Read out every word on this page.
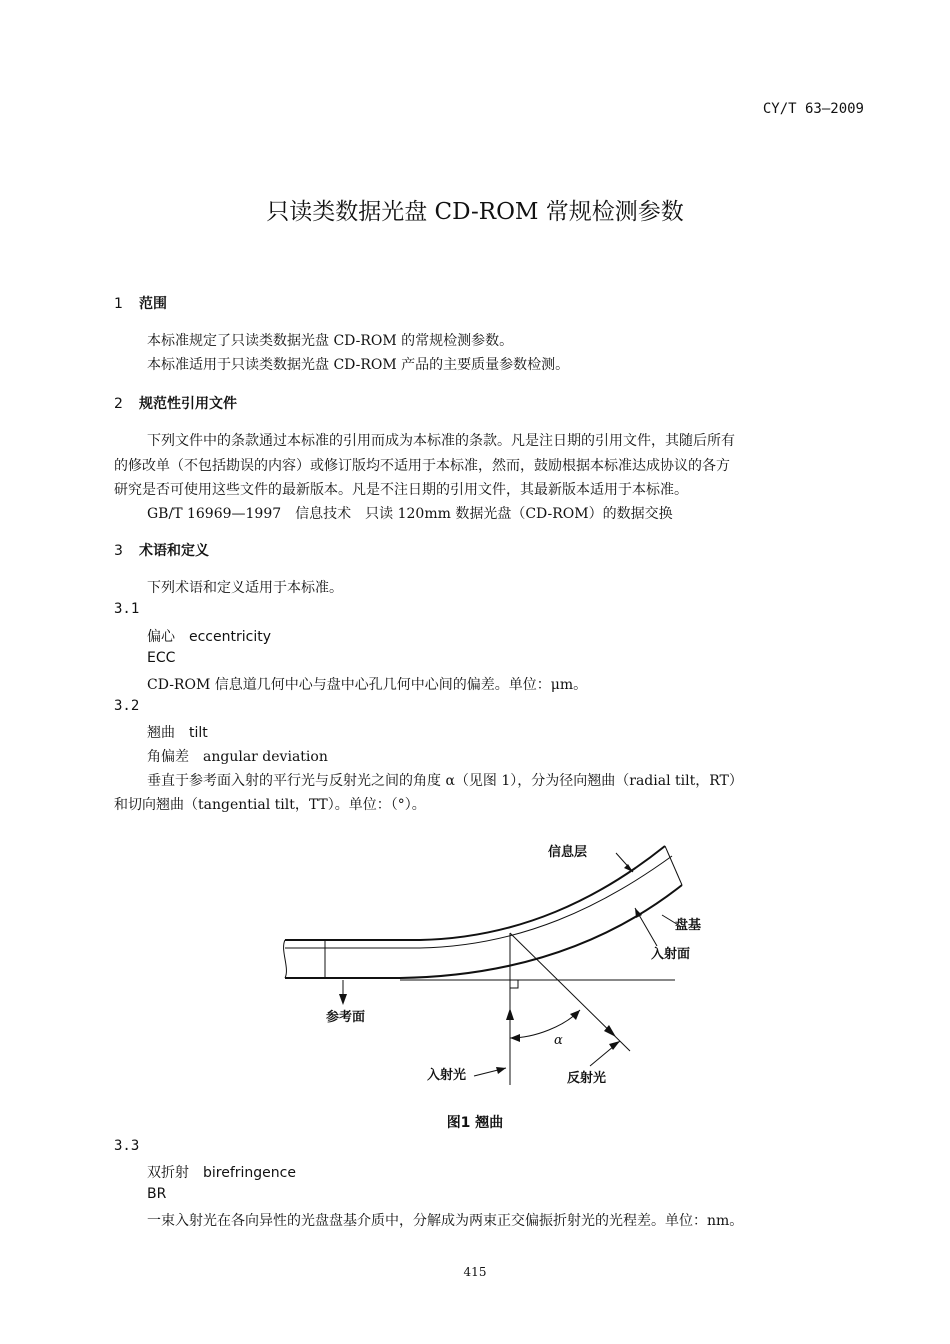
CY/T 63—2009
只读类数据光盘 CD-ROM 常规检测参数
1 范围
本标准规定了只读类数据光盘 CD-ROM 的常规检测参数。
本标准适用于只读类数据光盘 CD-ROM 产品的主要质量参数检测。
2 规范性引用文件
下列文件中的条款通过本标准的引用而成为本标准的条款。凡是注日期的引用文件，其随后所有
的修改单（不包括勘误的内容）或修订版均不适用于本标准，然而，鼓励根据本标准达成协议的各方
研究是否可使用这些文件的最新版本。凡是不注日期的引用文件，其最新版本适用于本标准。
GB/T 16969—1997　信息技术　只读 120mm 数据光盘（CD-ROM）的数据交换
3 术语和定义
下列术语和定义适用于本标准。
3.1
偏心　eccentricity
ECC
CD-ROM 信息道几何中心与盘中心孔几何中心间的偏差。单位：μm。
3.2
翘曲　tilt
角偏差　angular deviation
垂直于参考面入射的平行光与反射光之间的角度 α（见图 1），分为径向翘曲（radial tilt，RT）
和切向翘曲（tangential tilt，TT）。单位：（°）。
信息层
盘基
入射面
参考面
入射光	反射光
α
图1 翘曲
3.3
双折射　birefringence
BR
一束入射光在各向异性的光盘盘基介质中，分解成为两束正交偏振折射光的光程差。单位：nm。
415
